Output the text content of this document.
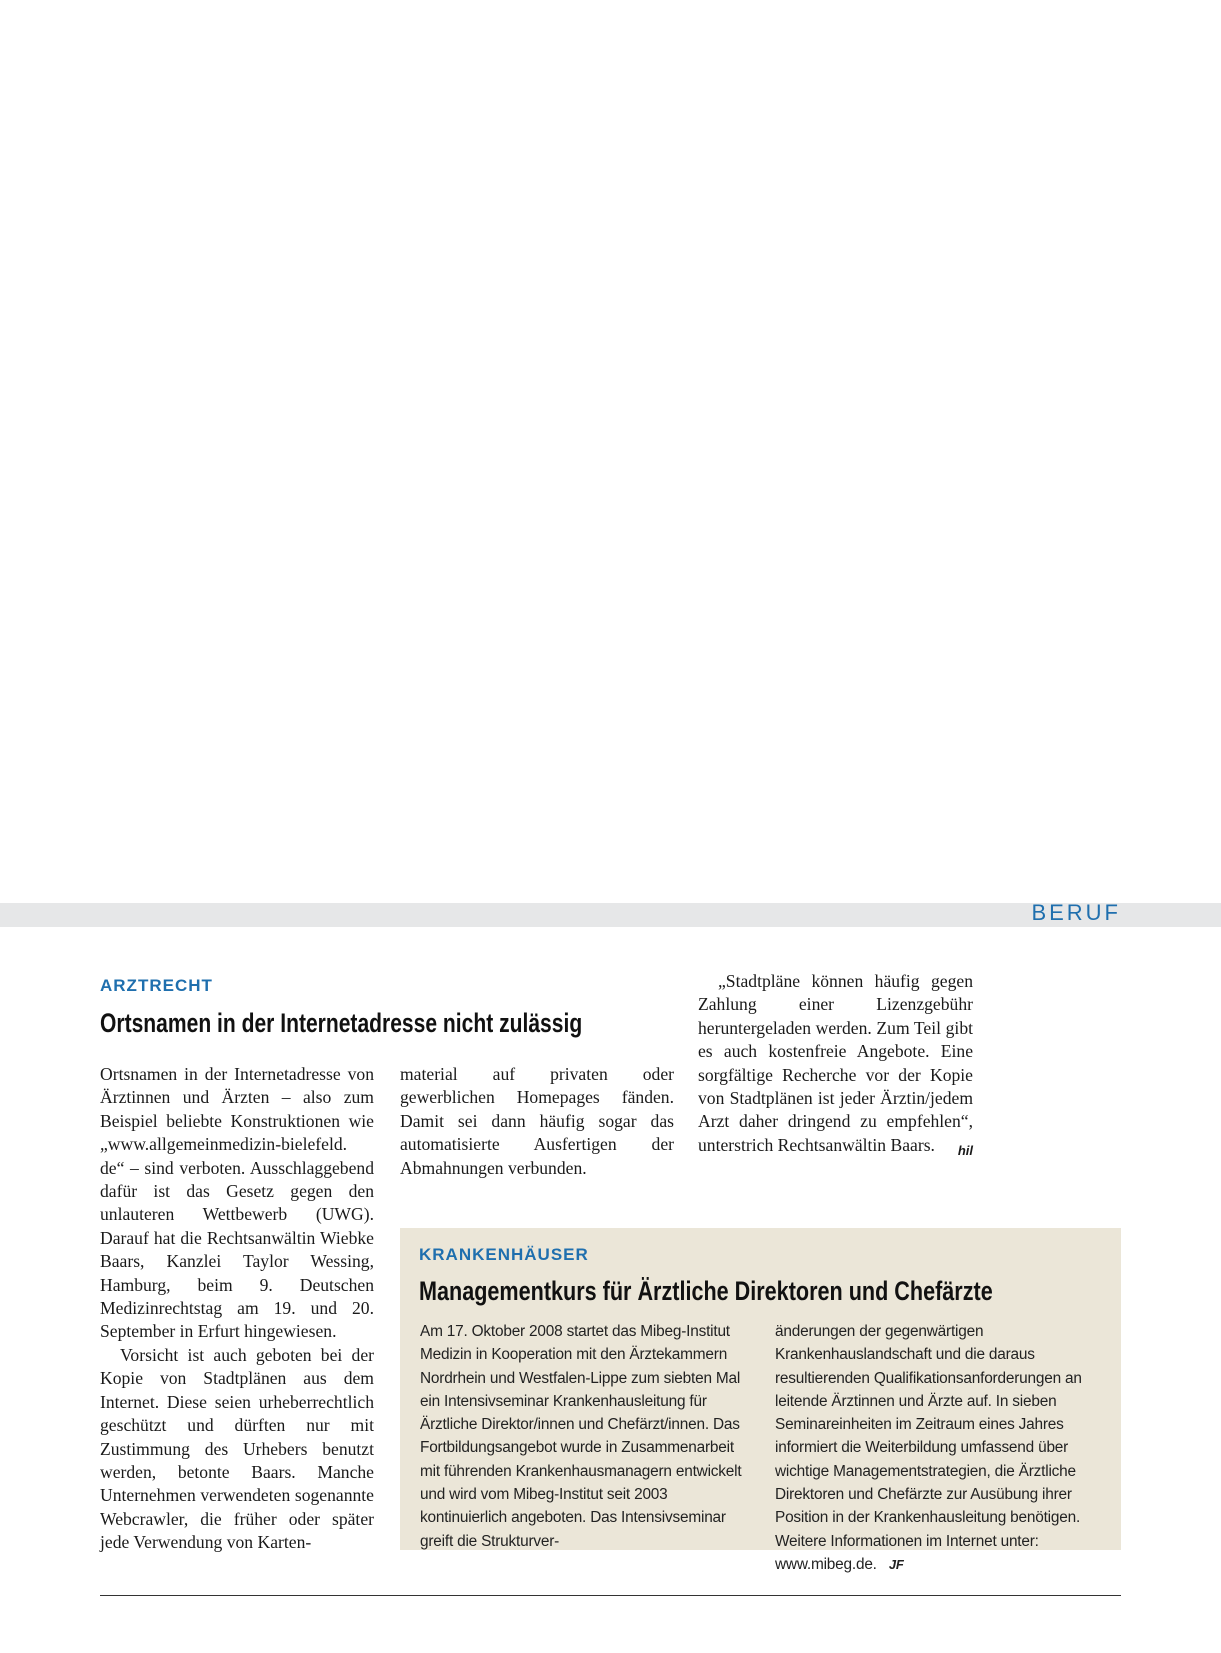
BERUF
ARZTRECHT
Ortsnamen in der Internetadresse nicht zulässig

Ortsnamen in der Internetadresse von Ärztinnen und Ärzten – also zum Beispiel beliebte Konstruktionen wie „www.allgemeinmedizin-bielefeld. de“ – sind verboten. Ausschlaggebend dafür ist das Gesetz gegen den unlauteren Wettbewerb (UWG). Darauf hat die Rechtsanwältin Wiebke Baars, Kanzlei Taylor Wessing, Hamburg, beim 9. Deutschen Medizinrechtstag am 19. und 20. September in Erfurt hingewiesen.

Vorsicht ist auch geboten bei der Kopie von Stadtplänen aus dem Internet. Diese seien urheberrechtlich geschützt und dürften nur mit Zustimmung des Urhebers benutzt werden, betonte Baars. Manche Unternehmen verwendeten sogenannte Webcrawler, die früher oder später jede Verwendung von Karten-

material auf privaten oder gewerblichen Homepages fänden. Damit sei dann häufig sogar das automatisierte Ausfertigen der Abmahnungen verbunden.

„Stadtpläne können häufig gegen Zahlung einer Lizenzgebühr heruntergeladen werden. Zum Teil gibt es auch kostenfreie Angebote. Eine sorgfältige Recherche vor der Kopie von Stadtplänen ist jeder Ärztin/jedem Arzt daher dringend zu empfehlen“, unterstrich Rechtsanwältin Baars.	hil

KRANKENHÄUSER
Managementkurs für Ärztliche Direktoren und Chefärzte

Am 17. Oktober 2008 startet das Mibeg-Institut Medizin in Kooperation mit den Ärztekammern Nordrhein und Westfalen-Lippe zum siebten Mal ein Intensivseminar Krankenhausleitung für Ärztliche Direktor/innen und Chefärzt/innen. Das Fortbildungsangebot wurde in Zusammenarbeit mit führenden Krankenhausmanagern entwickelt und wird vom Mibeg-Institut seit 2003 kontinuierlich angeboten. Das Intensivseminar greift die Strukturver-

änderungen der gegenwärtigen Krankenhauslandschaft und die daraus resultierenden Qualifikationsanforderungen an leitende Ärztinnen und Ärzte auf. In sieben Seminareinheiten im Zeitraum eines Jahres informiert die Weiterbildung umfassend über wichtige Managementstrategien, die Ärztliche Direktoren und Chefärzte zur Ausübung ihrer Position in der Krankenhausleitung benötigen. Weitere Informationen im Internet unter: www.mibeg.de. JF
